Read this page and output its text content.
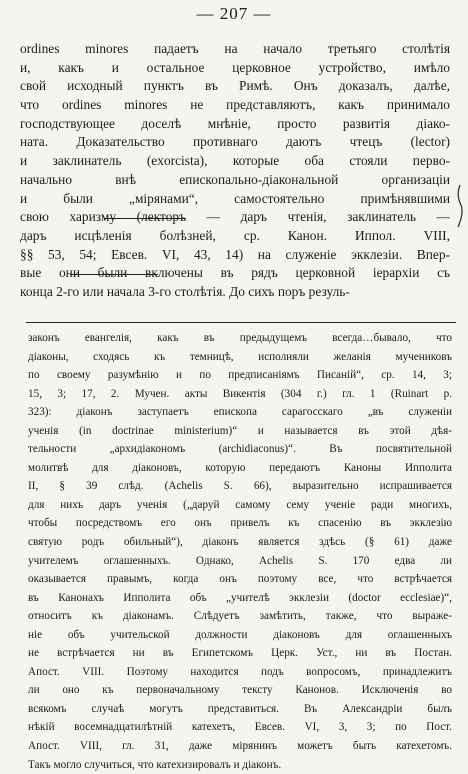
— 207 —
ordines minores падаетъ на начало третьяго столѣтія
и, какъ и остальное церковное устройство, имѣло
свой исходный пунктъ въ Римѣ. Онъ доказалъ, далѣе,
что ordines minores не представляютъ, какъ принимало
господствующее доселѣ мнѣніе, просто развитія діако-
ната. Доказательство противнаго даютъ чтецъ (lector)
и заклинатель (exorcista), которые оба стояли перво-
начально внѣ епископально-діакональной организаціи
и были „мірянами“, самостоятельно примѣнявшими
свою харизму (лекторъ — даръ чтенія, заклинатель —
даръ исцѣленія болѣзней, ср. Канон. Иппол. VIII,
§§ 53, 54; Евсев. VI, 43, 14) на служеніе экклезіи. Впер-
вые они были включены въ рядъ церковной іерархіи съ
конца 2-го или начала 3-го столѣтія. До сихъ поръ резуль-
законъ евангелія, какъ въ предыдущемъ всегда…бывало, что
діаконы, сходясь къ темницѣ, исполняли желанія мучениковъ
по своему разумѣнію и по предписаніямъ Писаній“, ср. 14, 3;
15, 3; 17, 2. Мучен. акты Викентія (304 г.) гл. 1 (Ruinart р.
323): діаконъ заступаетъ епископа сарагосскаго „въ служеніи
ученія (in doctrinae ministerium)“ и называется въ этой дѣя-
тельности „архидіакономъ (archidiaconus)“. Въ посвятительной
молитвѣ для діаконовъ, которую передаютъ Каноны Ипполита
II, § 39 слѣд. (Achelis S. 66), выразительно испрашивается
для нихъ даръ ученія („даруй самому сему ученіе ради многихъ,
чтобы посредствомъ его онъ привелъ къ спасенію въ экклезію
святую родъ обильный“), діаконъ является здѣсь (§ 61) даже
учителемъ оглашенныхъ. Однако, Achelis S. 170 едва ли
оказывается правымъ, когда онъ поэтому все, что встрѣчается
въ Канонахъ Ипполита объ „учителѣ экклезіи (doctor ecclesiae)“,
относитъ къ діаконамъ. Слѣдуетъ замѣтить, также, что выраже-
ніе объ учительской должности діаконовъ для оглашенныхъ
не встрѣчается ни въ Египетскомъ Церк. Уст., ни въ Постан.
Апост. VIII. Поэтому находится подъ вопросомъ, принадлежитъ
ли оно къ первоначальному тексту Канонов. Исключенія во
всякомъ случаѣ могутъ представиться. Въ Александріи былъ
нѣкій восемнадцатилѣтній катехетъ, Евсев. VI, 3, 3; по Пост.
Апост. VIII, гл. 31, даже мірянинъ можетъ быть катехетомъ.
Такъ могло случиться, что катехизировалъ и діаконъ.
